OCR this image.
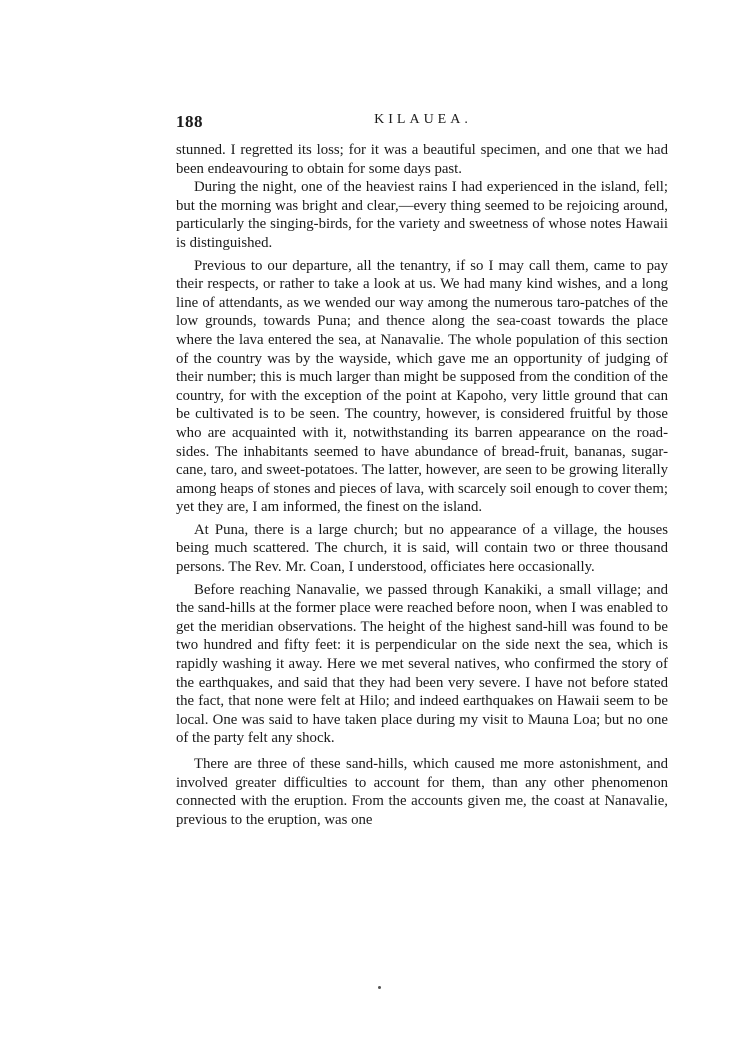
188	KILAUEA.

stunned. I regretted its loss; for it was a beautiful specimen, and one that we had been endeavouring to obtain for some days past.

During the night, one of the heaviest rains I had experienced in the island, fell; but the morning was bright and clear,—every thing seemed to be rejoicing around, particularly the singing-birds, for the variety and sweetness of whose notes Hawaii is distinguished.

Previous to our departure, all the tenantry, if so I may call them, came to pay their respects, or rather to take a look at us. We had many kind wishes, and a long line of attendants, as we wended our way among the numerous taro-patches of the low grounds, towards Puna; and thence along the sea-coast towards the place where the lava entered the sea, at Nanavalie. The whole population of this section of the country was by the wayside, which gave me an opportunity of judging of their number; this is much larger than might be supposed from the condition of the country, for with the exception of the point at Kapoho, very little ground that can be cultivated is to be seen. The country, however, is considered fruitful by those who are acquainted with it, notwithstanding its barren appearance on the road-sides. The inhabitants seemed to have abundance of bread-fruit, bananas, sugar-cane, taro, and sweet-potatoes. The latter, however, are seen to be growing literally among heaps of stones and pieces of lava, with scarcely soil enough to cover them; yet they are, I am informed, the finest on the island.

At Puna, there is a large church; but no appearance of a village, the houses being much scattered. The church, it is said, will contain two or three thousand persons. The Rev. Mr. Coan, I understood, officiates here occasionally.

Before reaching Nanavalie, we passed through Kanakiki, a small village; and the sand-hills at the former place were reached before noon, when I was enabled to get the meridian observations. The height of the highest sand-hill was found to be two hundred and fifty feet: it is perpendicular on the side next the sea, which is rapidly washing it away. Here we met several natives, who confirmed the story of the earthquakes, and said that they had been very severe. I have not before stated the fact, that none were felt at Hilo; and indeed earthquakes on Hawaii seem to be local. One was said to have taken place during my visit to Mauna Loa; but no one of the party felt any shock.

There are three of these sand-hills, which caused me more astonishment, and involved greater difficulties to account for them, than any other phenomenon connected with the eruption. From the accounts given me, the coast at Nanavalie, previous to the eruption, was one
